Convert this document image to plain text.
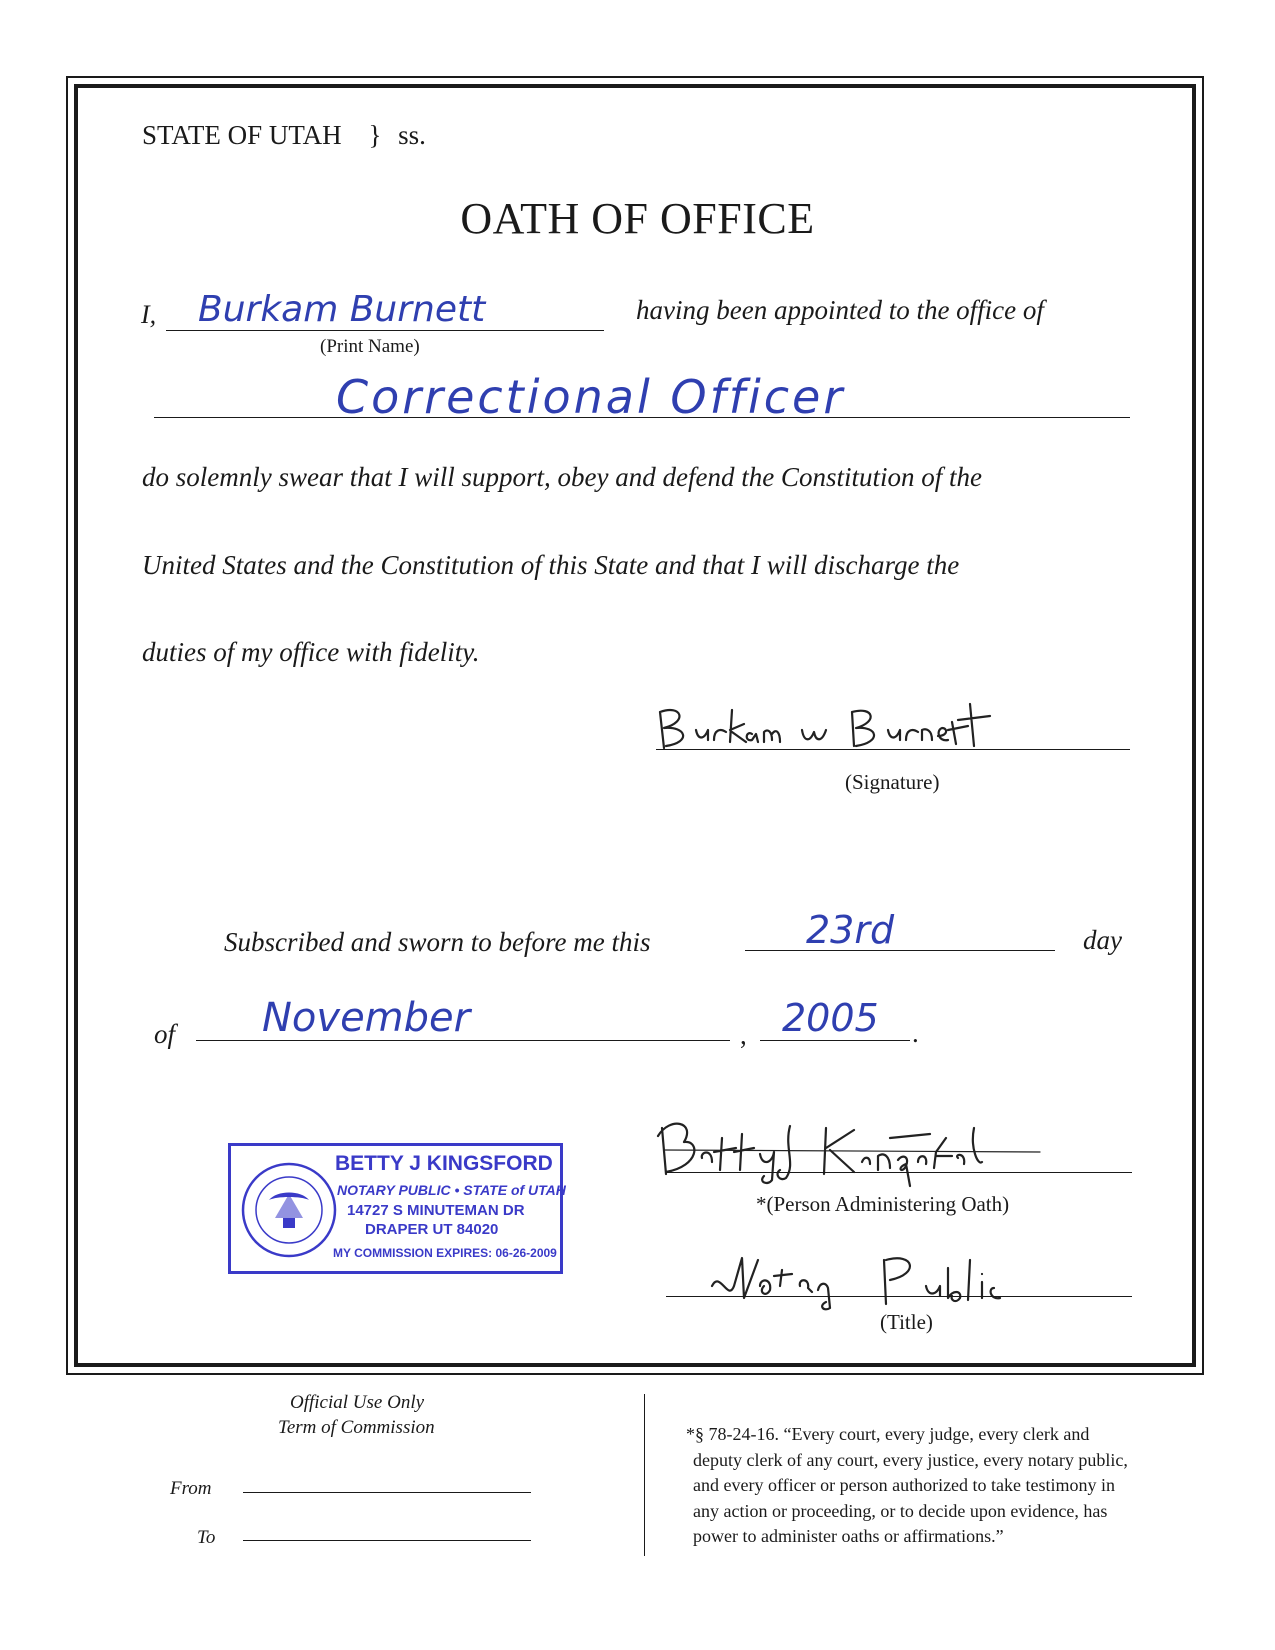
STATE OF UTAH } ss.
OATH OF OFFICE
I, Burkam Burnett
(Print Name)
having been appointed to the office of
Correctional Officer
do solemnly swear that I will support, obey and defend the Constitution of the
United States and the Constitution of this State and that I will discharge the
duties of my office with fidelity.
(Signature)
Subscribed and sworn to before me this	23rd	day
of November	, 2005 .
BETTY J KINGSFORD
NOTARY PUBLIC • STATE of UTAH
14727 S MINUTEMAN DR
DRAPER UT 84020
MY COMMISSION EXPIRES: 06-26-2009
*(Person Administering Oath)
(Title)
Official Use Only
Term of Commission
From
To
*§ 78-24-16. “Every court, every judge, every clerk and
deputy clerk of any court, every justice, every notary public,
and every officer or person authorized to take testimony in
any action or proceeding, or to decide upon evidence, has
power to administer oaths or affirmations.”
